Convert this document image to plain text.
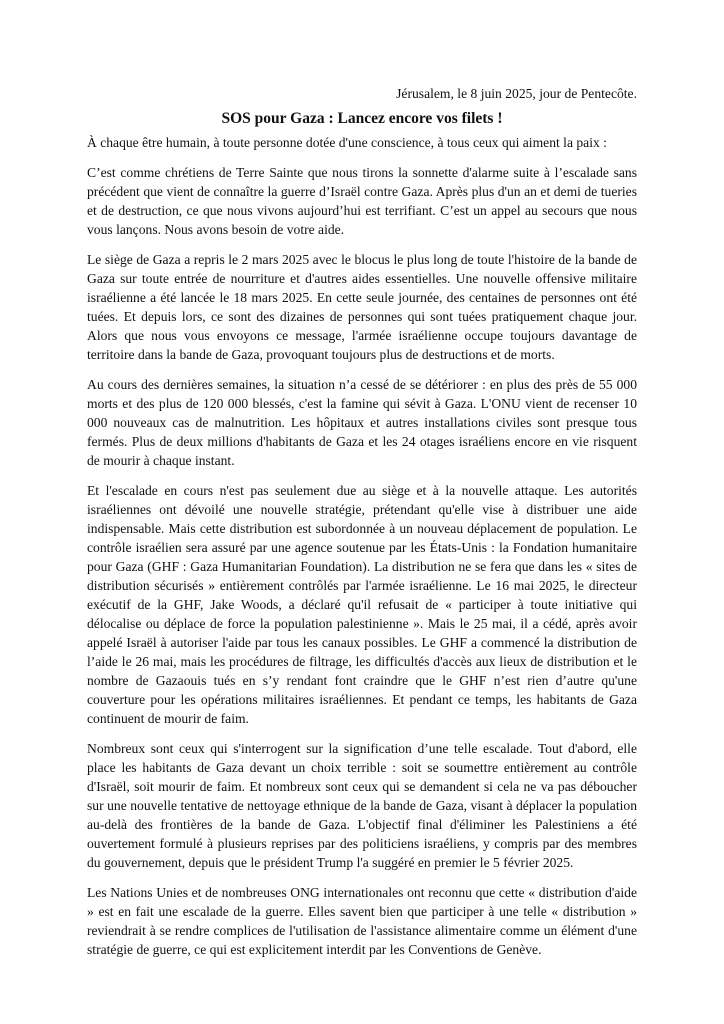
Jérusalem, le 8 juin 2025, jour de Pentecôte.

SOS pour Gaza : Lancez encore vos filets !

À chaque être humain, à toute personne dotée d'une conscience, à tous ceux qui aiment la paix :

C’est comme chrétiens de Terre Sainte que nous tirons la sonnette d'alarme suite à l’escalade sans précédent que vient de connaître la guerre d’Israël contre Gaza. Après plus d'un an et demi de tueries et de destruction, ce que nous vivons aujourd’hui est terrifiant. C’est un appel au secours que nous vous lançons. Nous avons besoin de votre aide.

Le siège de Gaza a repris le 2 mars 2025 avec le blocus le plus long de toute l'histoire de la bande de Gaza sur toute entrée de nourriture et d'autres aides essentielles. Une nouvelle offensive militaire israélienne a été lancée le 18 mars 2025. En cette seule journée, des centaines de personnes ont été tuées. Et depuis lors, ce sont des dizaines de personnes qui sont tuées pratiquement chaque jour. Alors que nous vous envoyons ce message, l'armée israélienne occupe toujours davantage de territoire dans la bande de Gaza, provoquant toujours plus de destructions et de morts.

Au cours des dernières semaines, la situation n’a cessé de se détériorer : en plus des près de 55 000 morts et des plus de 120 000 blessés, c'est la famine qui sévit à Gaza. L'ONU vient de recenser 10 000 nouveaux cas de malnutrition. Les hôpitaux et autres installations civiles sont presque tous fermés. Plus de deux millions d'habitants de Gaza et les 24 otages israéliens encore en vie risquent de mourir à chaque instant.

Et l'escalade en cours n'est pas seulement due au siège et à la nouvelle attaque. Les autorités israéliennes ont dévoilé une nouvelle stratégie, prétendant qu'elle vise à distribuer une aide indispensable. Mais cette distribution est subordonnée à un nouveau déplacement de population. Le contrôle israélien sera assuré par une agence soutenue par les États-Unis : la Fondation humanitaire pour Gaza (GHF : Gaza Humanitarian Foundation). La distribution ne se fera que dans les « sites de distribution sécurisés » entièrement contrôlés par l'armée israélienne. Le 16 mai 2025, le directeur exécutif de la GHF, Jake Woods, a déclaré qu'il refusait de « participer à toute initiative qui délocalise ou déplace de force la population palestinienne ». Mais le 25 mai, il a cédé, après avoir appelé Israël à autoriser l'aide par tous les canaux possibles. Le GHF a commencé la distribution de l’aide le 26 mai, mais les procédures de filtrage, les difficultés d'accès aux lieux de distribution et le nombre de Gazaouis tués en s’y rendant font craindre que le GHF n’est rien d’autre qu'une couverture pour les opérations militaires israéliennes. Et pendant ce temps, les habitants de Gaza continuent de mourir de faim.

Nombreux sont ceux qui s'interrogent sur la signification d’une telle escalade. Tout d'abord, elle place les habitants de Gaza devant un choix terrible : soit se soumettre entièrement au contrôle d'Israël, soit mourir de faim. Et nombreux sont ceux qui se demandent si cela ne va pas déboucher sur une nouvelle tentative de nettoyage ethnique de la bande de Gaza, visant à déplacer la population au-delà des frontières de la bande de Gaza. L'objectif final d'éliminer les Palestiniens a été ouvertement formulé à plusieurs reprises par des politiciens israéliens, y compris par des membres du gouvernement, depuis que le président Trump l'a suggéré en premier le 5 février 2025.

Les Nations Unies et de nombreuses ONG internationales ont reconnu que cette « distribution d'aide » est en fait une escalade de la guerre. Elles savent bien que participer à une telle « distribution » reviendrait à se rendre complices de l'utilisation de l'assistance alimentaire comme un élément d'une stratégie de guerre, ce qui est explicitement interdit par les Conventions de Genève.
